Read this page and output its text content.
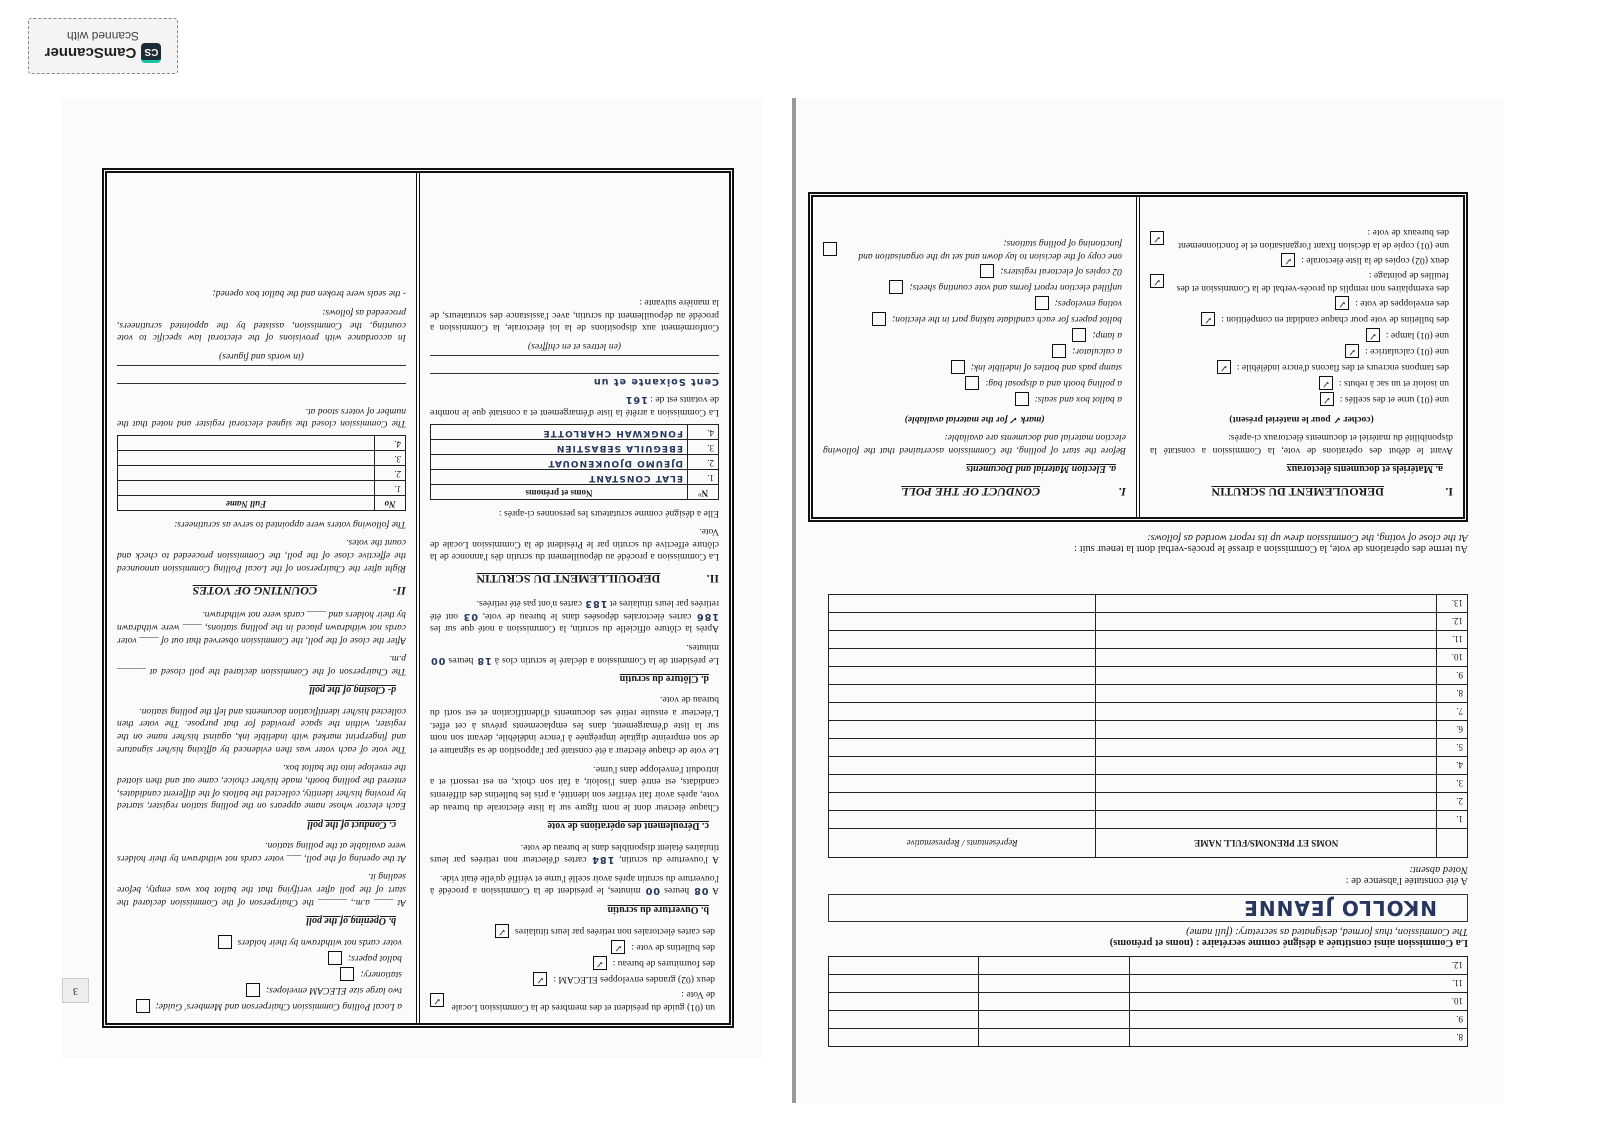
CS
CamScanner
Scanned with
3
un (01) guide du président et des membres de la Commission Locale de Vote :
✓
deux (02) grandes enveloppes ELECAM :
✓
des fournitures de bureau :
✓
des bulletins de vote :
✓
des cartes électorales non retirées par leurs titulaires
✓
b. Ouverture du scrutin

A 08 heures 00 minutes, le président de la Commission a procédé à l'ouverture du scrutin après avoir scellé l'urne et vérifié qu'elle était vide.

A l'ouverture du scrutin, 184 cartes d'électeur non retirées par leurs titulaires étaient disponibles dans le bureau de vote.

c. Déroulement des opérations de vote

Chaque électeur dont le nom figure sur la liste électorale du bureau de vote, après avoir fait vérifier son identité, a pris les bulletins des différents candidats, est entré dans l'isoloir, a fait son choix, en est ressorti et a introduit l'enveloppe dans l'urne.

Le vote de chaque électeur a été constaté par l'apposition de sa signature et de son empreinte digitale imprégnée à l'encre indélébile, devant son nom sur la liste d'émargement, dans les emplacements prévus à cet effet. L'électeur a ensuite retiré ses documents d'identification et est sorti du bureau de vote.

d. Clôture du scrutin

Le président de la Commission a déclaré le scrutin clos à 18 heures 00 minutes.

Après la clôture officielle du scrutin, la Commission a noté que sur les 186 cartes électorales déposées dans le bureau de vote, 03 ont été retirées par leurs titulaires et 183 cartes n'ont pas été retirées.

II.
DEPOUILLEMENT DU SCRUTIN

La Commission a procédé au dépouillement du scrutin dès l'annonce de la clôture effective du scrutin par le Président de la Commission Locale de Vote.

Elle a désigné comme scrutateurs les personnes ci-après :

N°	Noms et prénoms
1.	ELAT CONSTANT
2.	DJEUMO DJOUKENOUAT
3.	EBEGUILA SEBASTIEN
4.	FONGKWAH CHARLOTTE

La Commission a arrêté la liste d'émargement et a constaté que le nombre de votants est de : 161

Cent Soixante et un

(en lettres et en chiffres)

Conformément aux dispositions de la loi électorale, la Commission a procédé au dépouillement du scrutin, avec l'assistance des scrutateurs, de la manière suivante :

a Local Polling Commission Chairperson and Members' Guide;
two large size ELECAM envelopes;
stationery;
ballot papers;
voter cards not withdrawn by their holders
b. Opening of the poll

At ____ a.m., ______ the Chairperson of the Commission declared the start of the poll after verifying that the ballot box was empty, before sealing it.

At the opening of the poll, ___ voter cards not withdrawn by their holders were available at the polling station.

c. Conduct of the poll

Each elector whose name appears on the polling station register, started by proving his/her identity, collected the ballots of the different candidates, entered the polling booth, made his/her choice, came out and then slotted the envelope into the ballot box.

The vote of each voter was then evidenced by affixing his/her signature and fingerprint marked with indelible ink, against his/her name on the register, within the space provided for that purpose. The voter then collected his/her identification documents and left the polling station.

d- Closing of the poll

The Chairperson of the Commission declared the poll closed at ______ p.m.

After the close of the poll, the Commission observed that out of ____ voter cards not withdrawn placed in the polling stations, ____ were withdrawn by their holders and ____ cards were not withdrawn.

II-
COUNTING OF VOTES

Right after the Chairperson of the Local Polling Commission announced the effective close of the poll, the Commission proceeded to check and count the votes.

The following voters were appointed to serve as scrutineers:

No	Full Name
1.	
2.	
3.	
4.	

The Commission closed the signed electoral register and noted that the number of voters stood at.

(in words and figures)

In accordance with provisions of the electoral law specific to vote counting, the Commission, assisted by the appointed scrutineers, proceeded as follows:

- the seals were broken and the ballot box opened;

8.		
9.		
10.		
11.		
12.		

La Commission ainsi constituée a désigné comme secrétaire : (noms et prénoms)

The Commission, thus formed, designated as secretary: (full name)

NKOLLO JEANNE

A été constatée l'absence de :

Noted absent:

	NOMS ET PRENOMS/FULL NAME	Représentants / Representative
1.		
2.		
3.		
4.		
5.		
6.		
7.		
8.		
9.		
10.		
11.		
12.		
13.		

Au terme des opérations de vote, la Commission a dressé le procès-verbal dont la teneur suit :

At the close of voting, the Commission drew up its report worded as follows:

I.
DEROULEMENT DU SCRUTIN
a. Matériels et documents électoraux

Avant le début des opérations de vote, la Commission a constaté la disponibilité du matériel et documents électoraux ci-après:

(cocher ✓ pour le matériel présent)

une (01) urne et des scellés :
✓
un isoloir et un sac à rebuts :
✓
des tampons encreurs et des flacons d'encre indélébile :
✓
une (01) calculatrice :
✓
une (01) lampe :
✓
des bulletins de vote pour chaque candidat en compétition :
✓
des enveloppes de vote :
✓
des exemplaires non remplis du procès-verbal de la Commission et des feuilles de pointage :
✓
deux (02) copies de la liste électorale :
✓
une (01) copie de la décision fixant l'organisation et le fonctionnement des bureaux de vote :
✓
I.
CONDUCT OF THE POLL
a. Election Material and Documents

Before the start of polling, the Commission ascertained that the following election material and documents are available:

(mark ✓ for the material available)

a ballot box and seals:
a polling booth and a disposal bag:
stamp pads and bottles of indelible ink;
a calculator;
a lamp;
ballot papers for each candidate taking part in the election;
voting envelopes;
unfilled election report forms and vote counting sheets;
02 copies of electoral registers;
one copy of the decision to lay down and set up the organisation and functioning of polling stations;
